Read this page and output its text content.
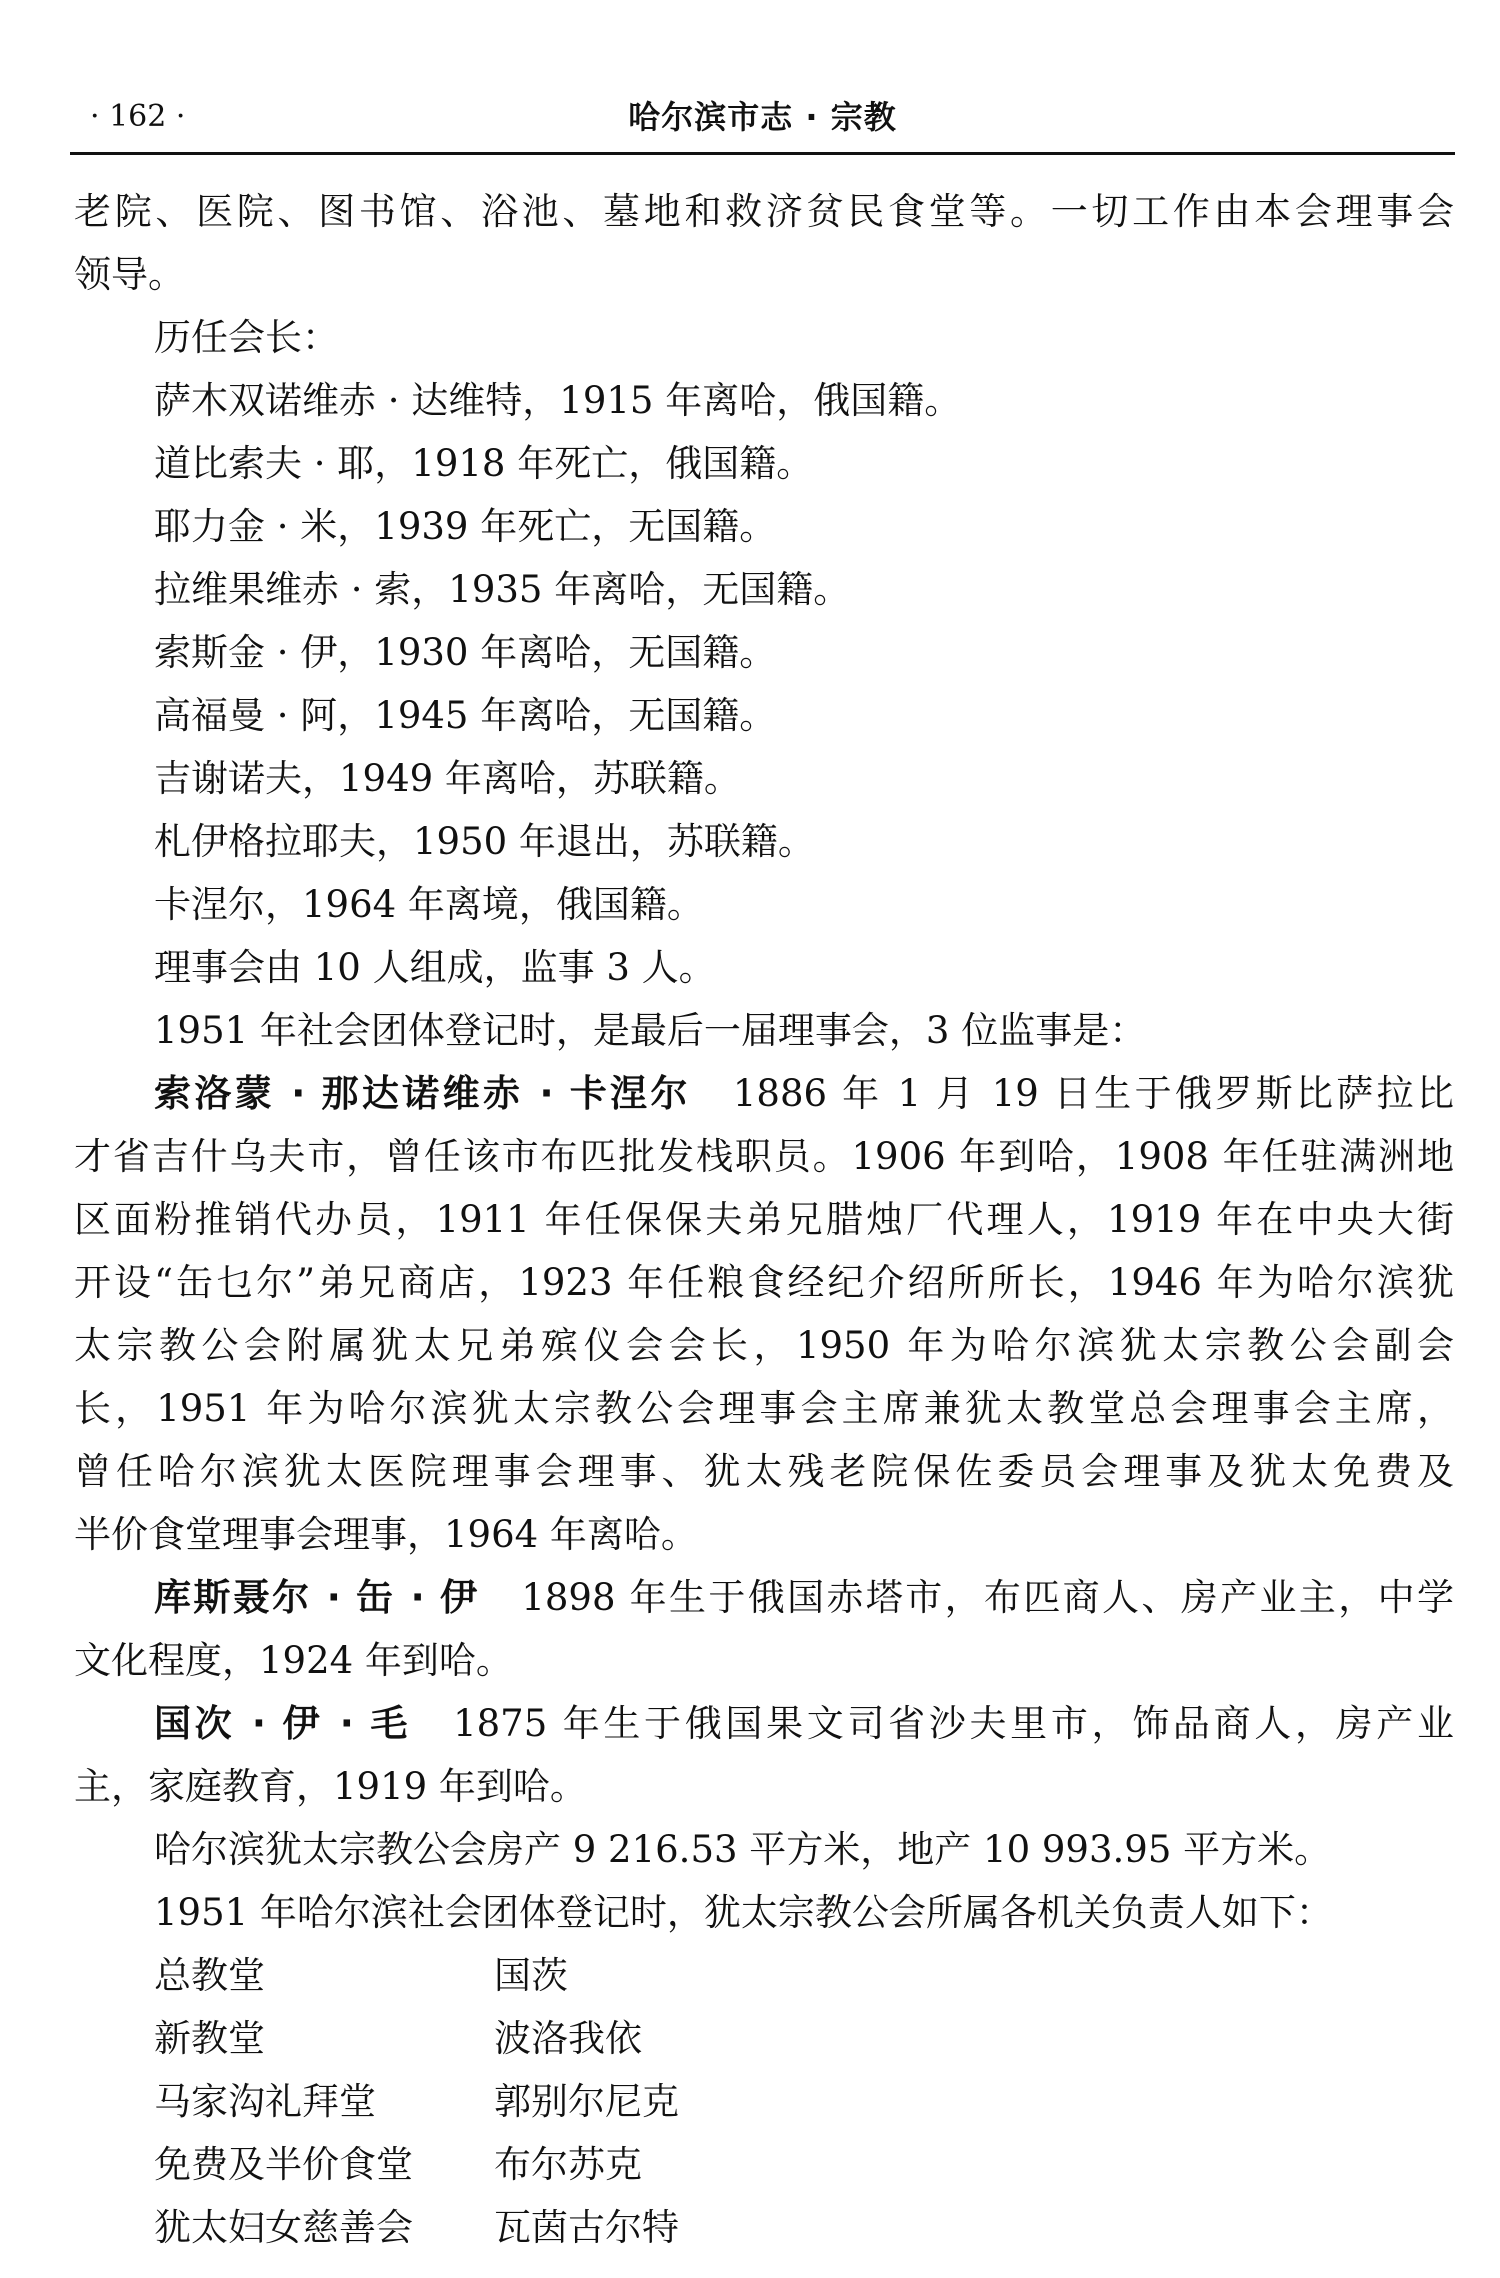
· 162 ·	哈尔滨市志 · 宗教

老院、医院、图书馆、浴池、墓地和救济贫民食堂等。一切工作由本会理事会

领导。

历任会长：

萨木双诺维赤 · 达维特，1915 年离哈，俄国籍。

道比索夫 · 耶，1918 年死亡，俄国籍。

耶力金 · 米，1939 年死亡，无国籍。

拉维果维赤 · 索，1935 年离哈，无国籍。

索斯金 · 伊，1930 年离哈，无国籍。

高福曼 · 阿，1945 年离哈，无国籍。

吉谢诺夫，1949 年离哈，苏联籍。

札伊格拉耶夫，1950 年退出，苏联籍。

卡涅尔，1964 年离境，俄国籍。

理事会由 10 人组成，监事 3 人。

1951 年社会团体登记时，是最后一届理事会，3 位监事是：

索洛蒙 · 那达诺维赤 · 卡涅尔 1886 年 1 月 19 日生于俄罗斯比萨拉比

才省吉什乌夫市，曾任该市布匹批发栈职员。1906 年到哈，1908 年任驻满洲地

区面粉推销代办员，1911 年任保保夫弟兄腊烛厂代理人，1919 年在中央大街

开设“缶乜尔”弟兄商店，1923 年任粮食经纪介绍所所长，1946 年为哈尔滨犹

太宗教公会附属犹太兄弟殡仪会会长，1950 年为哈尔滨犹太宗教公会副会

长，1951 年为哈尔滨犹太宗教公会理事会主席兼犹太教堂总会理事会主席，

曾任哈尔滨犹太医院理事会理事、犹太残老院保佐委员会理事及犹太免费及

半价食堂理事会理事，1964 年离哈。

库斯聂尔 · 缶 · 伊 1898 年生于俄国赤塔市，布匹商人、房产业主，中学

文化程度，1924 年到哈。

国次 · 伊 · 毛 1875 年生于俄国果文司省沙夫里市，饰品商人，房产业

主，家庭教育，1919 年到哈。

哈尔滨犹太宗教公会房产 9 216.53 平方米，地产 10 993.95 平方米。

1951 年哈尔滨社会团体登记时，犹太宗教公会所属各机关负责人如下：

总教堂	国茨
新教堂	波洛我依
马家沟礼拜堂	郭别尔尼克
免费及半价食堂	布尔苏克
犹太妇女慈善会	瓦茵古尔特
